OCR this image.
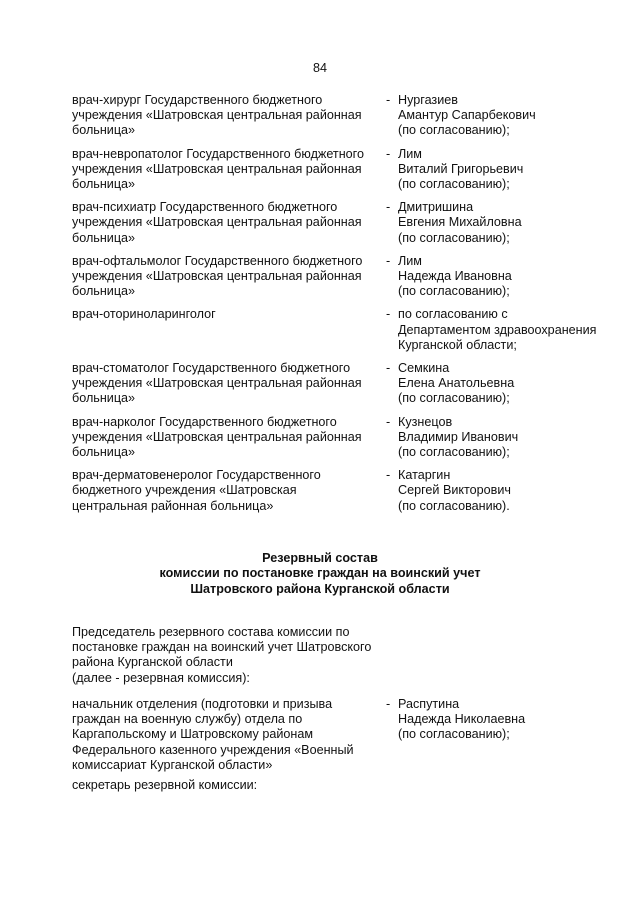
84
врач-хирург Государственного бюджетного
учреждения «Шатровская центральная районная
больница»
- Нургазиев
Амантур Сапарбекович
(по согласованию);
врач-невропатолог Государственного бюджетного
учреждения «Шатровская центральная районная
больница»
- Лим
Виталий Григорьевич
(по согласованию);
врач-психиатр Государственного бюджетного
учреждения «Шатровская центральная районная
больница»
- Дмитришина
Евгения Михайловна
(по согласованию);
врач-офтальмолог Государственного бюджетного
учреждения «Шатровская центральная районная
больница»
- Лим
Надежда Ивановна
(по согласованию);
врач-оториноларинголог	- по согласованию с
Департаментом здравоохранения
Курганской области;
врач-стоматолог Государственного бюджетного
учреждения «Шатровская центральная районная
больница»
- Семкина
Елена Анатольевна
(по согласованию);
врач-нарколог Государственного бюджетного
учреждения «Шатровская центральная районная
больница»
- Кузнецов
Владимир Иванович
(по согласованию);
врач-дерматовенеролог Государственного
бюджетного учреждения «Шатровская
центральная районная больница»
- Катаргин
Сергей Викторович
(по согласованию).
Резервный состав
комиссии по постановке граждан на воинский учет
Шатровского района Курганской области
Председатель резервного состава комиссии по
постановке граждан на воинский учет Шатровского
района Курганской области
(далее - резервная комиссия):
начальник отделения (подготовки и призыва
граждан на военную службу) отдела по
Каргапольскому и Шатровскому районам
Федерального казенного учреждения «Военный
комиссариат Курганской области»
- Распутина
Надежда Николаевна
(по согласованию);
секретарь резервной комиссии:
